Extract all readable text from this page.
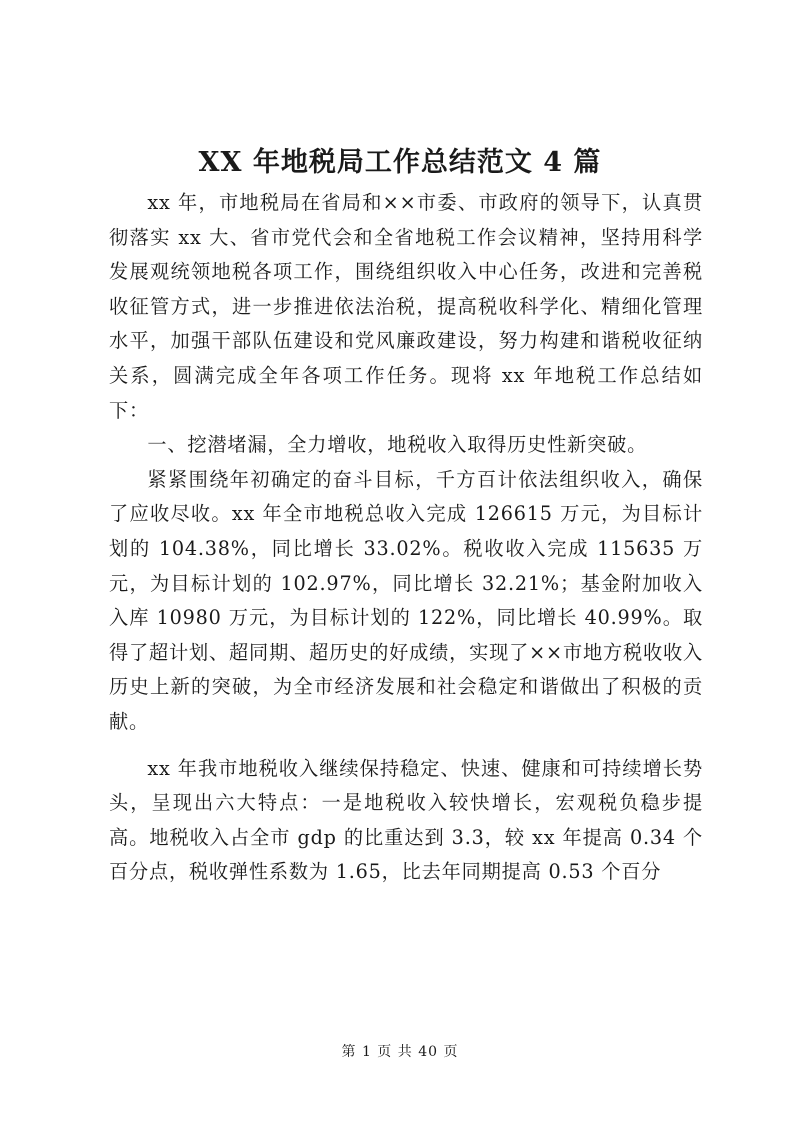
XX 年地税局工作总结范文 4 篇

xx 年，市地税局在省局和××市委、市政府的领导下，认真贯彻落实 xx 大、省市党代会和全省地税工作会议精神，坚持用科学发展观统领地税各项工作，围绕组织收入中心任务，改进和完善税收征管方式，进一步推进依法治税，提高税收科学化、精细化管理水平，加强干部队伍建设和党风廉政建设，努力构建和谐税收征纳关系，圆满完成全年各项工作任务。现将 xx 年地税工作总结如下：

一、挖潜堵漏，全力增收，地税收入取得历史性新突破。

紧紧围绕年初确定的奋斗目标，千方百计依法组织收入，确保了应收尽收。xx 年全市地税总收入完成 126615 万元，为目标计划的 104.38%，同比增长 33.02%。税收收入完成 115635 万元，为目标计划的 102.97%，同比增长 32.21%；基金附加收入入库 10980 万元，为目标计划的 122%，同比增长 40.99%。取得了超计划、超同期、超历史的好成绩，实现了××市地方税收收入历史上新的突破，为全市经济发展和社会稳定和谐做出了积极的贡献。

xx 年我市地税收入继续保持稳定、快速、健康和可持续增长势头，呈现出六大特点：一是地税收入较快增长，宏观税负稳步提高。地税收入占全市 gdp 的比重达到 3.3，较 xx 年提高 0.34 个百分点，税收弹性系数为 1.65，比去年同期提高 0.53 个百分

第 1 页 共 40 页
